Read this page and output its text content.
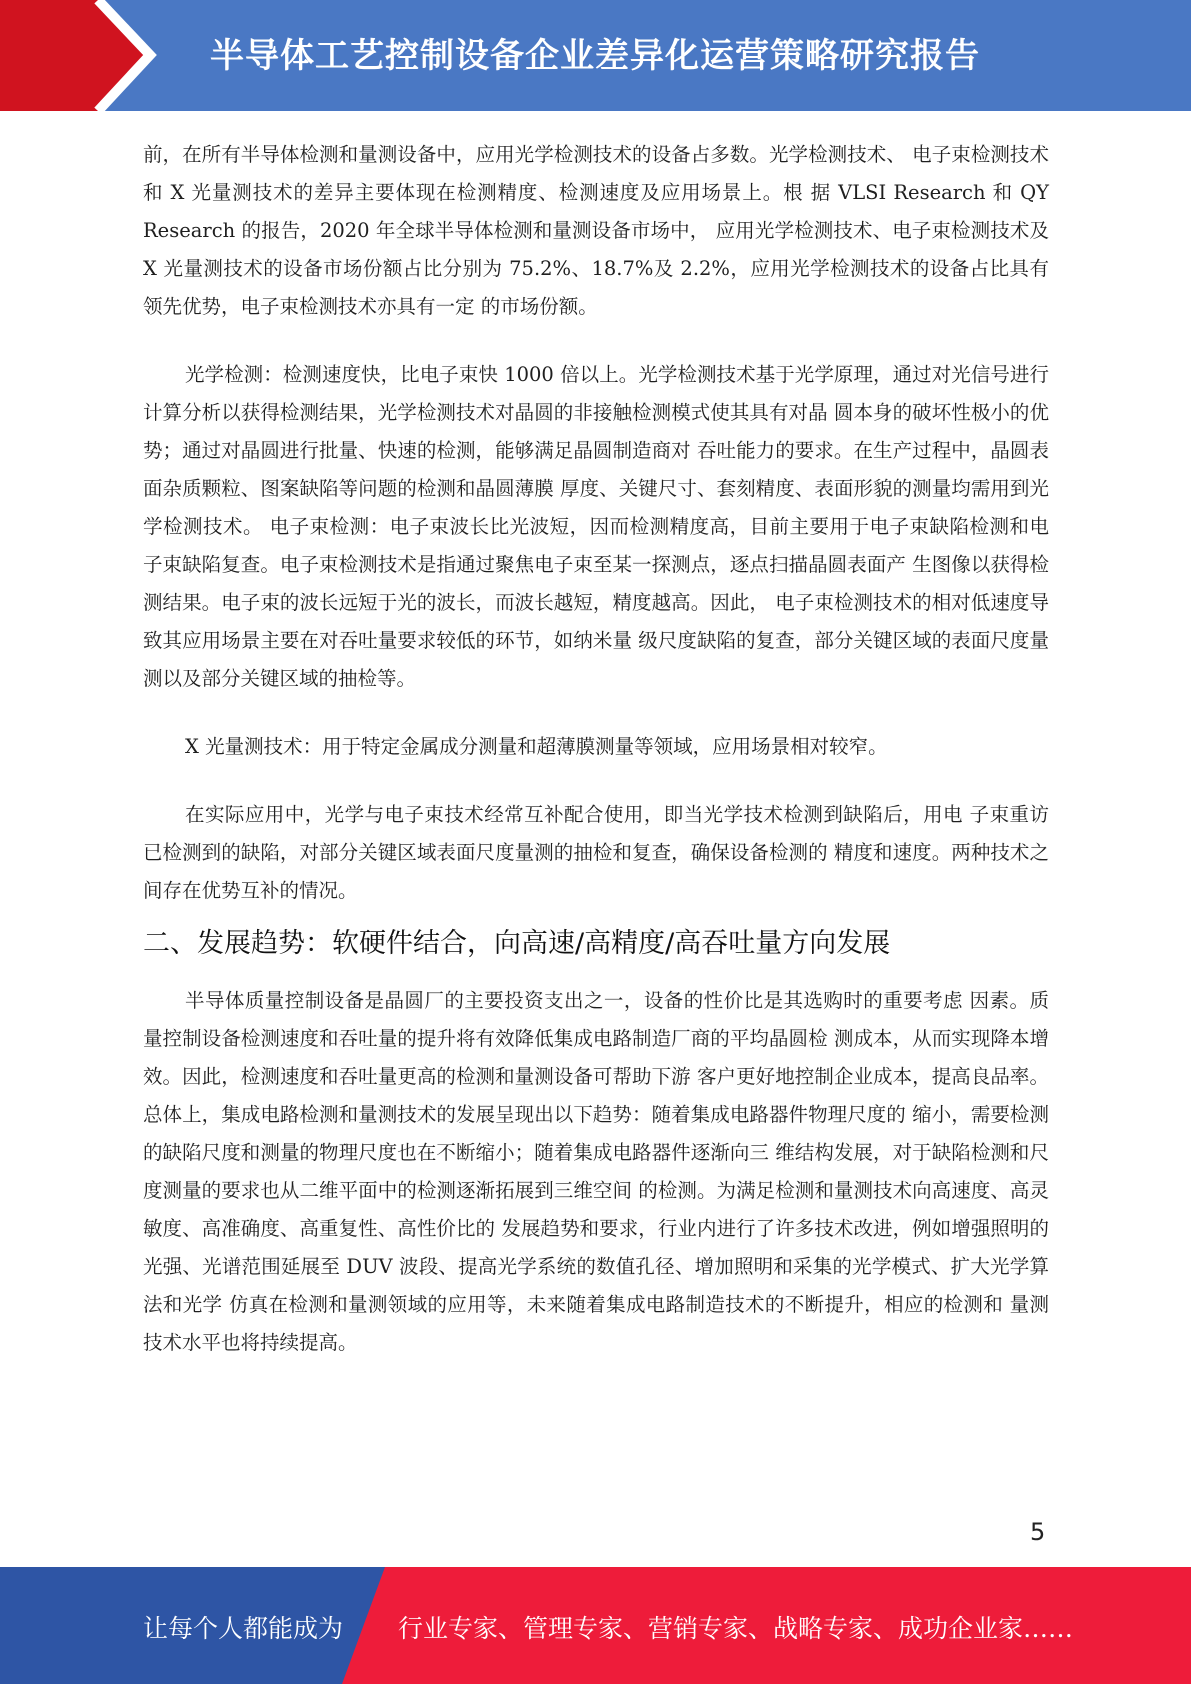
半导体工艺控制设备企业差异化运营策略研究报告

前，在所有半导体检测和量测设备中，应用光学检测技术的设备占多数。光学检测技术、 电子束检测技术和 X 光量测技术的差异主要体现在检测精度、检测速度及应用场景上。根 据 VLSI Research 和 QY Research 的报告，2020 年全球半导体检测和量测设备市场中， 应用光学检测技术、电子束检测技术及 X 光量测技术的设备市场份额占比分别为 75.2%、18.7%及 2.2%，应用光学检测技术的设备占比具有领先优势，电子束检测技术亦具有一定 的市场份额。

光学检测：检测速度快，比电子束快 1000 倍以上。光学检测技术基于光学原理，通过对光信号进行计算分析以获得检测结果，光学检测技术对晶圆的非接触检测模式使其具有对晶 圆本身的破坏性极小的优势；通过对晶圆进行批量、快速的检测，能够满足晶圆制造商对 吞吐能力的要求。在生产过程中，晶圆表面杂质颗粒、图案缺陷等问题的检测和晶圆薄膜 厚度、关键尺寸、套刻精度、表面形貌的测量均需用到光学检测技术。 电子束检测：电子束波长比光波短，因而检测精度高，目前主要用于电子束缺陷检测和电 子束缺陷复查。电子束检测技术是指通过聚焦电子束至某一探测点，逐点扫描晶圆表面产 生图像以获得检测结果。电子束的波长远短于光的波长，而波长越短，精度越高。因此， 电子束检测技术的相对低速度导致其应用场景主要在对吞吐量要求较低的环节，如纳米量 级尺度缺陷的复查，部分关键区域的表面尺度量测以及部分关键区域的抽检等。

X 光量测技术：用于特定金属成分测量和超薄膜测量等领域，应用场景相对较窄。

在实际应用中，光学与电子束技术经常互补配合使用，即当光学技术检测到缺陷后，用电 子束重访已检测到的缺陷，对部分关键区域表面尺度量测的抽检和复查，确保设备检测的 精度和速度。两种技术之间存在优势互补的情况。

二、发展趋势：软硬件结合，向高速/高精度/高吞吐量方向发展

半导体质量控制设备是晶圆厂的主要投资支出之一，设备的性价比是其选购时的重要考虑 因素。质量控制设备检测速度和吞吐量的提升将有效降低集成电路制造厂商的平均晶圆检 测成本，从而实现降本增效。因此，检测速度和吞吐量更高的检测和量测设备可帮助下游 客户更好地控制企业成本，提高良品率。 总体上，集成电路检测和量测技术的发展呈现出以下趋势：随着集成电路器件物理尺度的 缩小，需要检测的缺陷尺度和测量的物理尺度也在不断缩小；随着集成电路器件逐渐向三 维结构发展，对于缺陷检测和尺度测量的要求也从二维平面中的检测逐渐拓展到三维空间 的检测。为满足检测和量测技术向高速度、高灵敏度、高准确度、高重复性、高性价比的 发展趋势和要求，行业内进行了许多技术改进，例如增强照明的光强、光谱范围延展至 DUV 波段、提高光学系统的数值孔径、增加照明和采集的光学模式、扩大光学算法和光学 仿真在检测和量测领域的应用等，未来随着集成电路制造技术的不断提升，相应的检测和 量测技术水平也将持续提高。

5
让每个人都能成为 行业专家、管理专家、营销专家、战略专家、成功企业家……
